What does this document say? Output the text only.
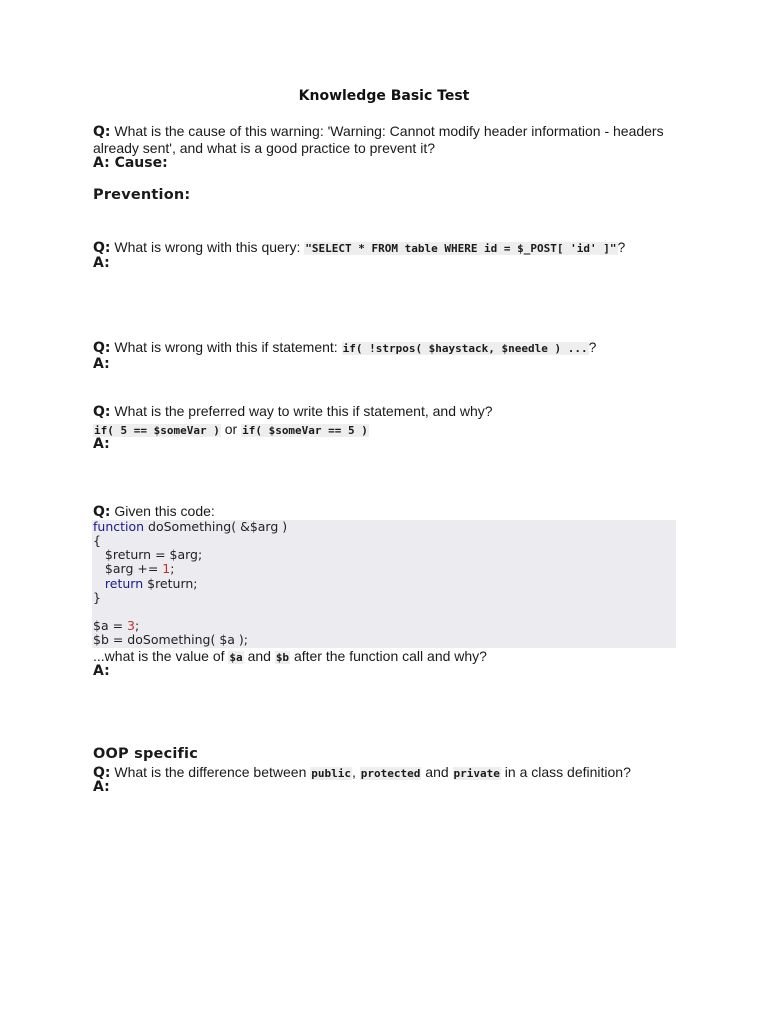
Knowledge Basic Test
Q: What is the cause of this warning: 'Warning: Cannot modify header information - headers already sent', and what is a good practice to prevent it?
A: Cause:
Prevention:
Q: What is wrong with this query: "SELECT * FROM table WHERE id = $_POST[ 'id' ]"?
A:
Q: What is wrong with this if statement: if( !strpos( $haystack, $needle ) ...?
A:
Q: What is the preferred way to write this if statement, and why?
if( 5 == $someVar ) or if( $someVar == 5 )
A:
Q: Given this code:
function doSomething( &$arg )
{
$return = $arg;
$arg += 1;
return $return;
}
$a = 3;
$b = doSomething( $a );
...what is the value of $a and $b after the function call and why?
A:
OOP specific
Q: What is the difference between public, protected and private in a class definition?
A:
